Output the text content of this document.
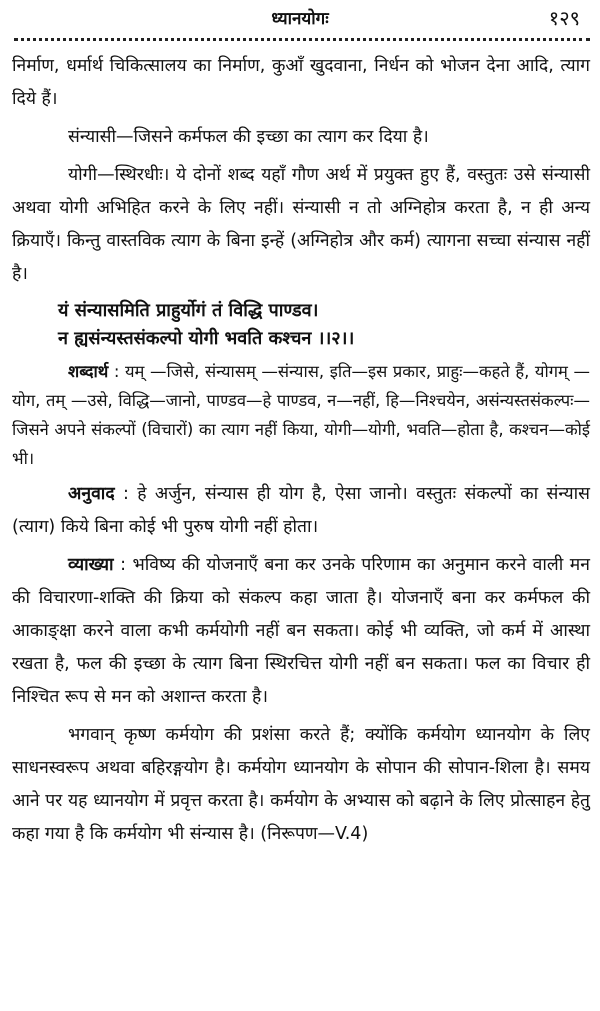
ध्यानयोगः	१२९

निर्माण, धर्मार्थ चिकित्सालय का निर्माण, कुआँ खुदवाना, निर्धन को भोजन देना आदि, त्याग दिये हैं।

संन्यासी—जिसने कर्मफल की इच्छा का त्याग कर दिया है।

योगी—स्थिरधीः। ये दोनों शब्द यहाँ गौण अर्थ में प्रयुक्त हुए हैं, वस्तुतः उसे संन्यासी अथवा योगी अभिहित करने के लिए नहीं। संन्यासी न तो अग्निहोत्र करता है, न ही अन्य क्रियाएँ। किन्तु वास्तविक त्याग के बिना इन्हें (अग्निहोत्र और कर्म) त्यागना सच्चा संन्यास नहीं है।

यं संन्यासमिति प्राहुर्योगं तं विद्धि पाण्डव।
न ह्यसंन्यस्तसंकल्पो योगी भवति कश्चन ।।२।।

शब्दार्थ : यम् —जिसे, संन्यासम् —संन्यास, इति—इस प्रकार, प्राहुः—कहते हैं, योगम् —योग, तम् —उसे, विद्धि—जानो, पाण्डव—हे पाण्डव, न—नहीं, हि—निश्चयेन, असंन्यस्तसंकल्पः—जिसने अपने संकल्पों (विचारों) का त्याग नहीं किया, योगी—योगी, भवति—होता है, कश्चन—कोई भी।

अनुवाद : हे अर्जुन, संन्यास ही योग है, ऐसा जानो। वस्तुतः संकल्पों का संन्यास (त्याग) किये बिना कोई भी पुरुष योगी नहीं होता।

व्याख्या : भविष्य की योजनाएँ बना कर उनके परिणाम का अनुमान करने वाली मन की विचारणा-शक्ति की क्रिया को संकल्प कहा जाता है। योजनाएँ बना कर कर्मफल की आकाङ्क्षा करने वाला कभी कर्मयोगी नहीं बन सकता। कोई भी व्यक्ति, जो कर्म में आस्था रखता है, फल की इच्छा के त्याग बिना स्थिरचित्त योगी नहीं बन सकता। फल का विचार ही निश्चित रूप से मन को अशान्त करता है।

भगवान् कृष्ण कर्मयोग की प्रशंसा करते हैं; क्योंकि कर्मयोग ध्यानयोग के लिए साधनस्वरूप अथवा बहिरङ्गयोग है। कर्मयोग ध्यानयोग के सोपान की सोपान-शिला है। समय आने पर यह ध्यानयोग में प्रवृत्त करता है। कर्मयोग के अभ्यास को बढ़ाने के लिए प्रोत्साहन हेतु कहा गया है कि कर्मयोग भी संन्यास है। (निरूपण—V.4)
